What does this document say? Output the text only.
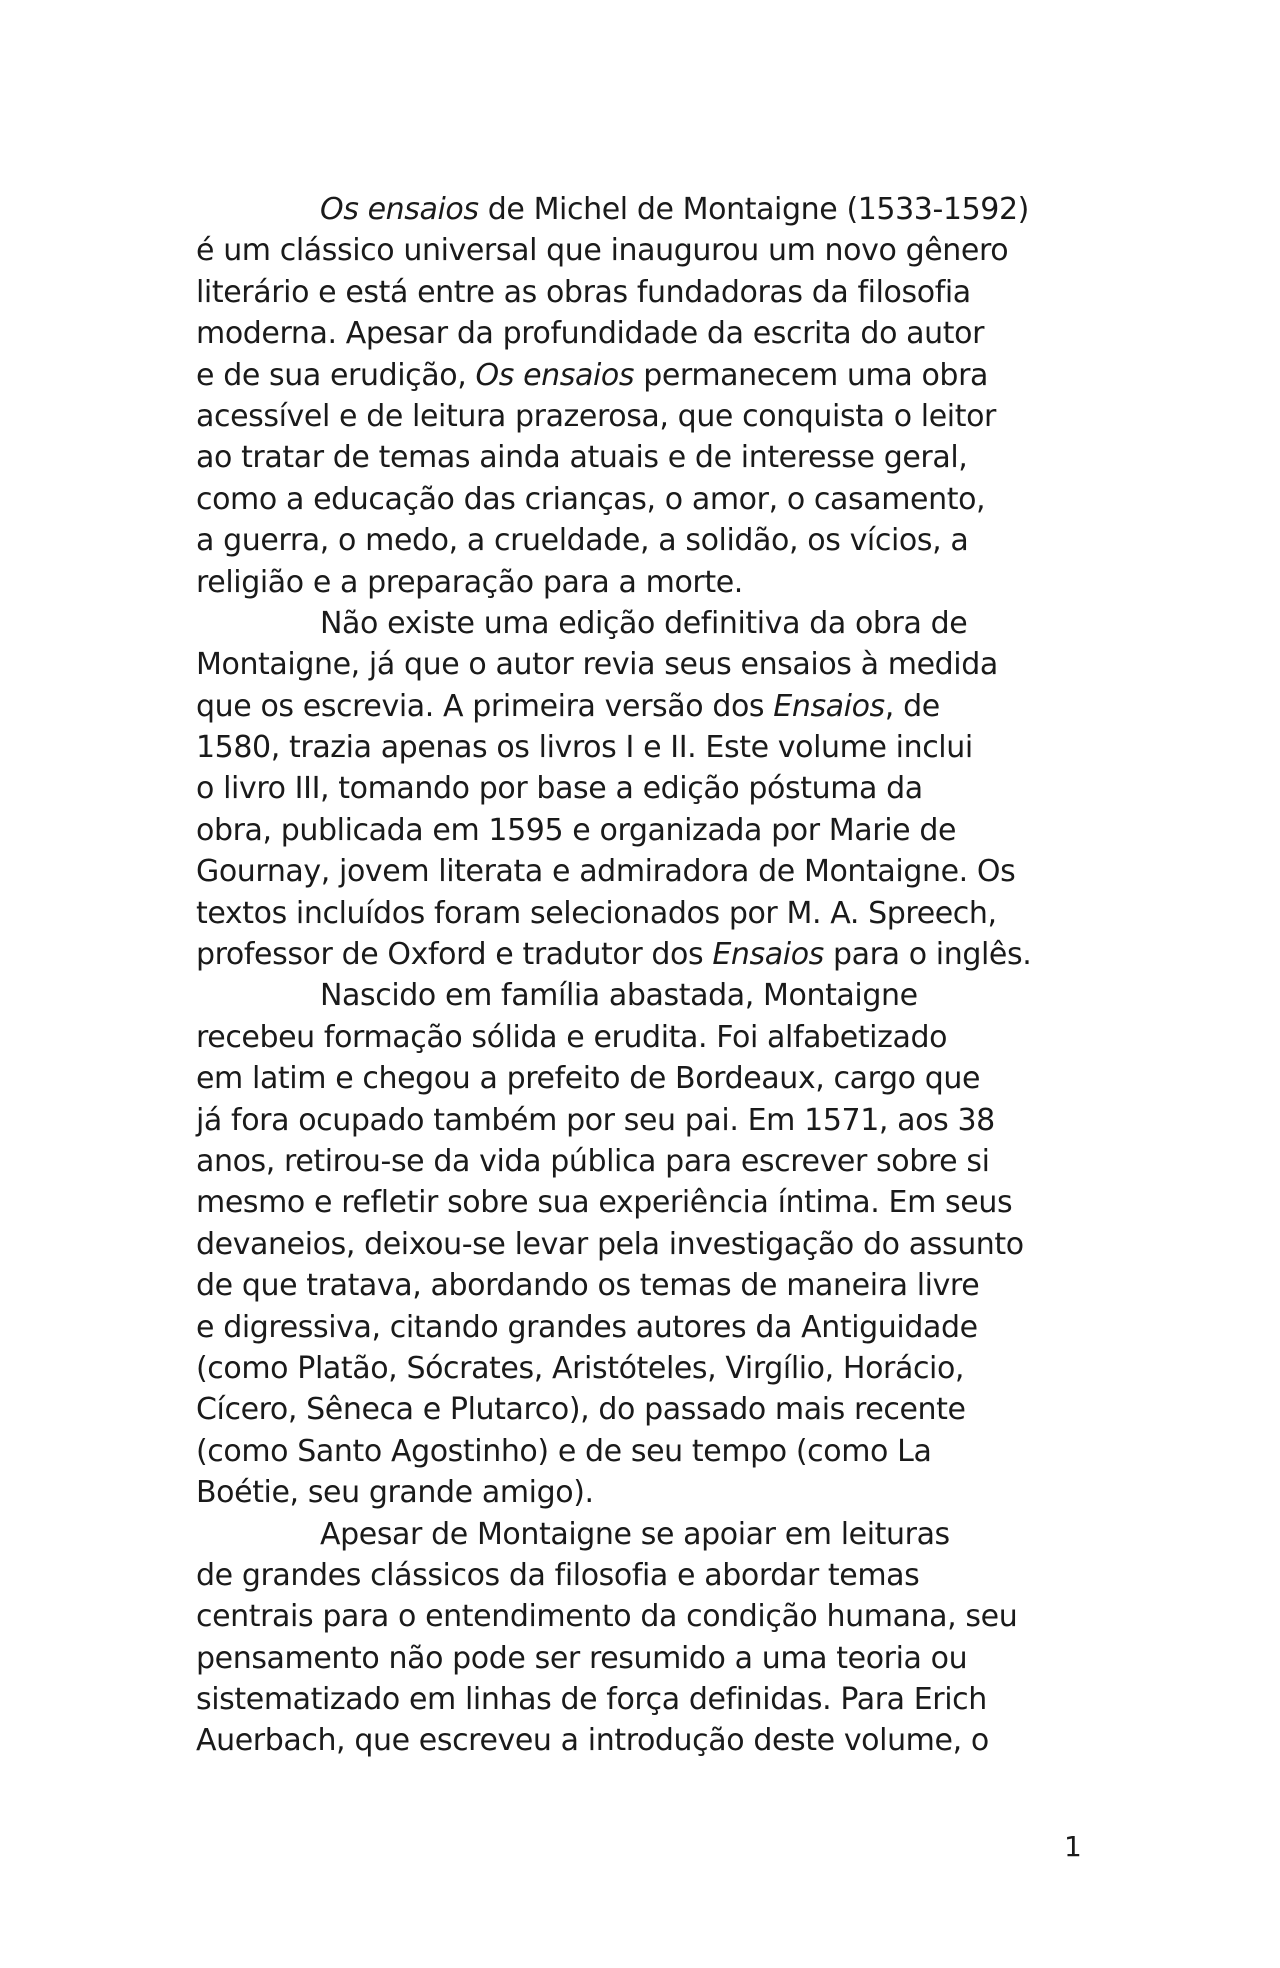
Os ensaios de Michel de Montaigne (1533-1592)
é um clássico universal que inaugurou um novo gênero
literário e está entre as obras fundadoras da filosofia
moderna. Apesar da profundidade da escrita do autor
e de sua erudição, Os ensaios permanecem uma obra
acessível e de leitura prazerosa, que conquista o leitor
ao tratar de temas ainda atuais e de interesse geral,
como a educação das crianças, o amor, o casamento,
a guerra, o medo, a crueldade, a solidão, os vícios, a
religião e a preparação para a morte.
Não existe uma edição definitiva da obra de
Montaigne, já que o autor revia seus ensaios à medida
que os escrevia. A primeira versão dos Ensaios, de
1580, trazia apenas os livros I e II. Este volume inclui
o livro III, tomando por base a edição póstuma da
obra, publicada em 1595 e organizada por Marie de
Gournay, jovem literata e admiradora de Montaigne. Os
textos incluídos foram selecionados por M. A. Spreech,
professor de Oxford e tradutor dos Ensaios para o inglês.
Nascido em família abastada, Montaigne
recebeu formação sólida e erudita. Foi alfabetizado
em latim e chegou a prefeito de Bordeaux, cargo que
já fora ocupado também por seu pai. Em 1571, aos 38
anos, retirou-se da vida pública para escrever sobre si
mesmo e refletir sobre sua experiência íntima. Em seus
devaneios, deixou-se levar pela investigação do assunto
de que tratava, abordando os temas de maneira livre
e digressiva, citando grandes autores da Antiguidade
(como Platão, Sócrates, Aristóteles, Virgílio, Horácio,
Cícero, Sêneca e Plutarco), do passado mais recente
(como Santo Agostinho) e de seu tempo (como La
Boétie, seu grande amigo).
Apesar de Montaigne se apoiar em leituras
de grandes clássicos da filosofia e abordar temas
centrais para o entendimento da condição humana, seu
pensamento não pode ser resumido a uma teoria ou
sistematizado em linhas de força definidas. Para Erich
Auerbach, que escreveu a introdução deste volume, o
1
